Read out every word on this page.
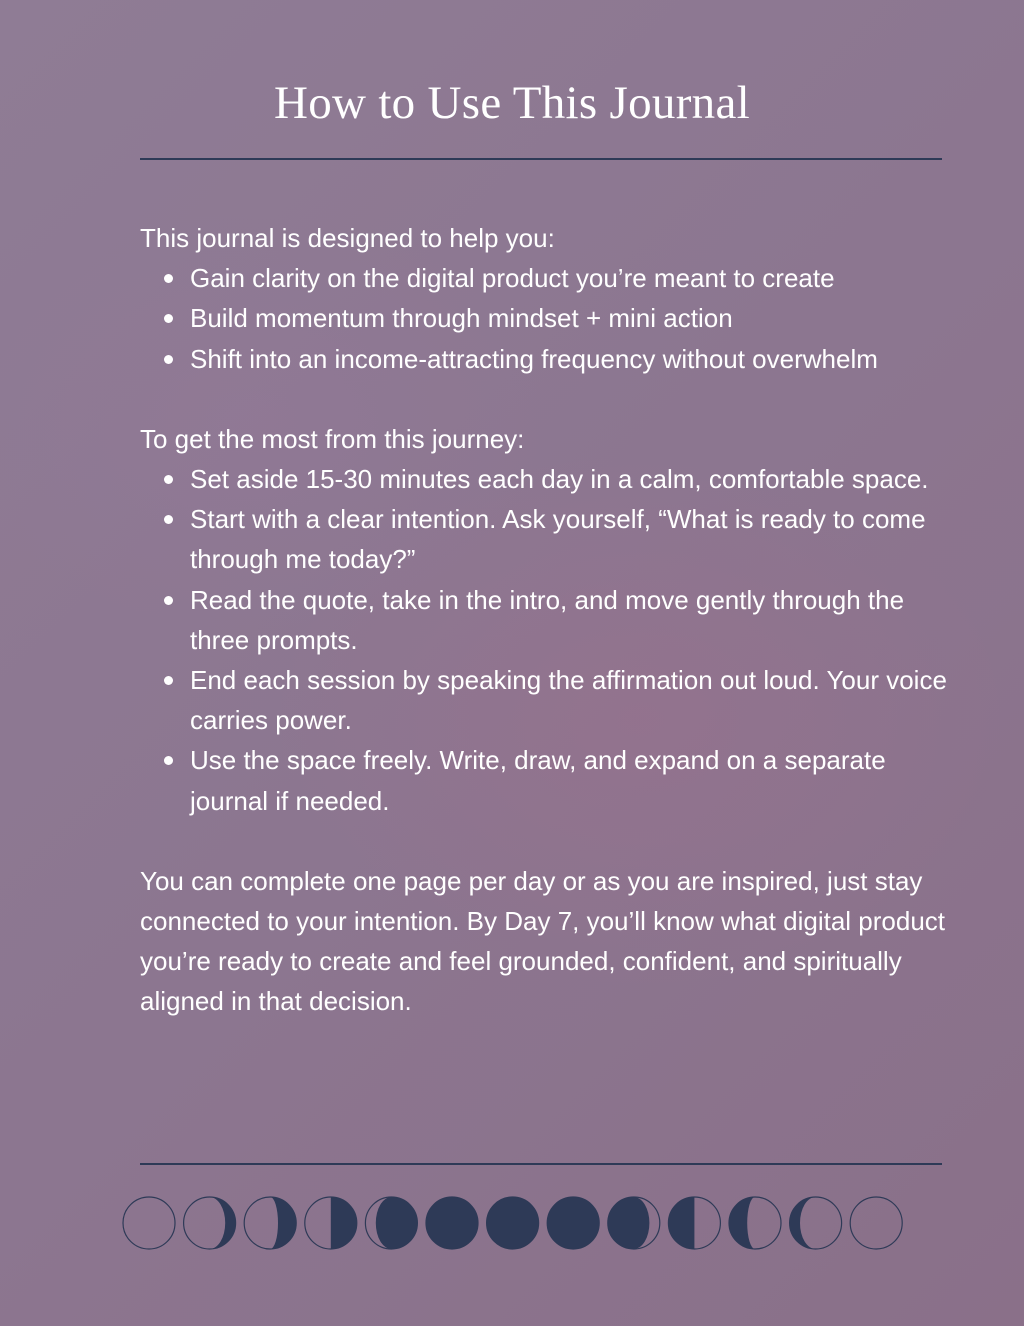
How to Use This Journal

This journal is designed to help you:

Gain clarity on the digital product you’re meant to create
Build momentum through mindset + mini action
Shift into an income-attracting frequency without overwhelm

To get the most from this journey:

Set aside 15-30 minutes each day in a calm, comfortable space.
Start with a clear intention. Ask yourself, “What is ready to come through me today?”
Read the quote, take in the intro, and move gently through the three prompts.
End each session by speaking the affirmation out loud. Your voice carries power.
Use the space freely. Write, draw, and expand on a separate journal if needed.

You can complete one page per day or as you are inspired, just stay connected to your intention. By Day 7, you’ll know what digital product you’re ready to create and feel grounded, confident, and spiritually aligned in that decision.
